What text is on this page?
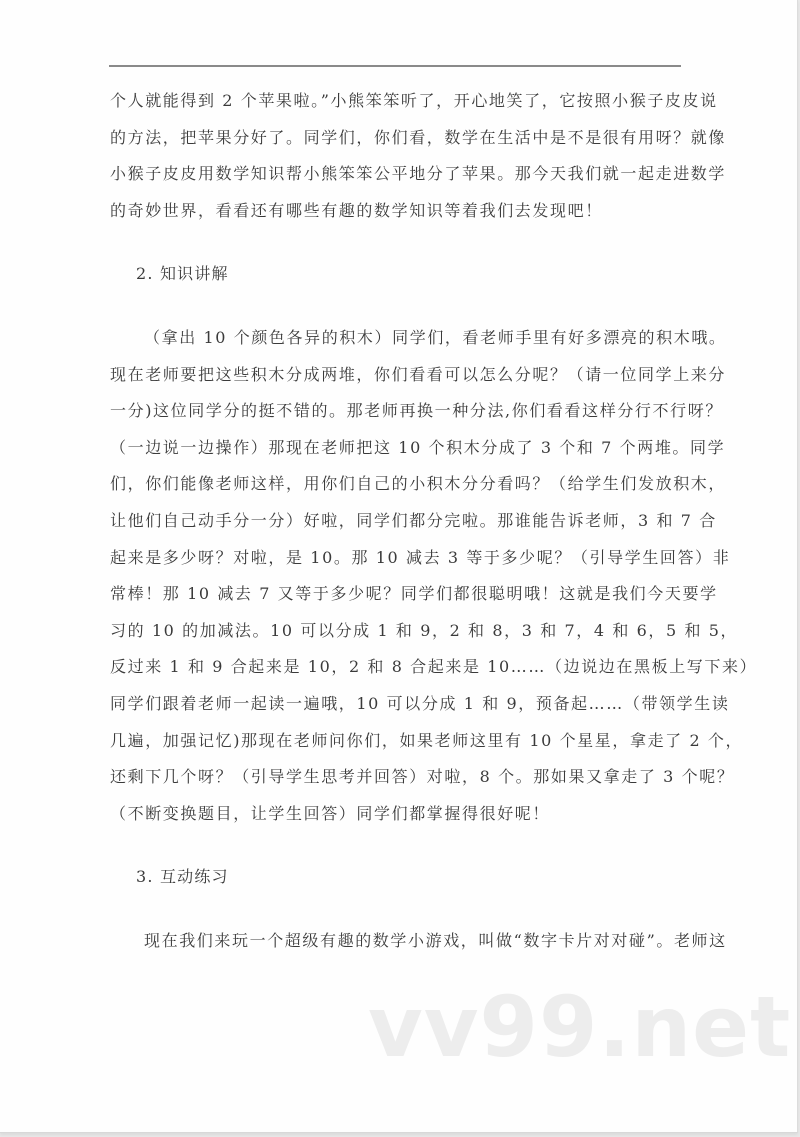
个人就能得到 2 个苹果啦。”小熊笨笨听了，开心地笑了，它按照小猴子皮皮说
的方法，把苹果分好了。同学们，你们看，数学在生活中是不是很有用呀？就像
小猴子皮皮用数学知识帮小熊笨笨公平地分了苹果。那今天我们就一起走进数学
的奇妙世界，看看还有哪些有趣的数学知识等着我们去发现吧！
2. 知识讲解
（拿出 10 个颜色各异的积木）同学们，看老师手里有好多漂亮的积木哦。
现在老师要把这些积木分成两堆，你们看看可以怎么分呢？（请一位同学上来分
一分)这位同学分的挺不错的。那老师再换一种分法,你们看看这样分行不行呀？
（一边说一边操作）那现在老师把这 10 个积木分成了 3 个和 7 个两堆。同学
们，你们能像老师这样，用你们自己的小积木分分看吗？（给学生们发放积木，
让他们自己动手分一分）好啦，同学们都分完啦。那谁能告诉老师，3 和 7 合
起来是多少呀？对啦，是 10。那 10 减去 3 等于多少呢？（引导学生回答）非
常棒！那 10 减去 7 又等于多少呢？同学们都很聪明哦！这就是我们今天要学
习的 10 的加减法。10 可以分成 1 和 9，2 和 8，3 和 7，4 和 6，5 和 5，
反过来 1 和 9 合起来是 10，2 和 8 合起来是 10……（边说边在黑板上写下来）
同学们跟着老师一起读一遍哦，10 可以分成 1 和 9，预备起……（带领学生读
几遍，加强记忆)那现在老师问你们，如果老师这里有 10 个星星，拿走了 2 个，
还剩下几个呀？（引导学生思考并回答）对啦，8 个。那如果又拿走了 3 个呢？
（不断变换题目，让学生回答）同学们都掌握得很好呢！
3. 互动练习
现在我们来玩一个超级有趣的数学小游戏，叫做“数字卡片对对碰”。老师这
vv99.net
